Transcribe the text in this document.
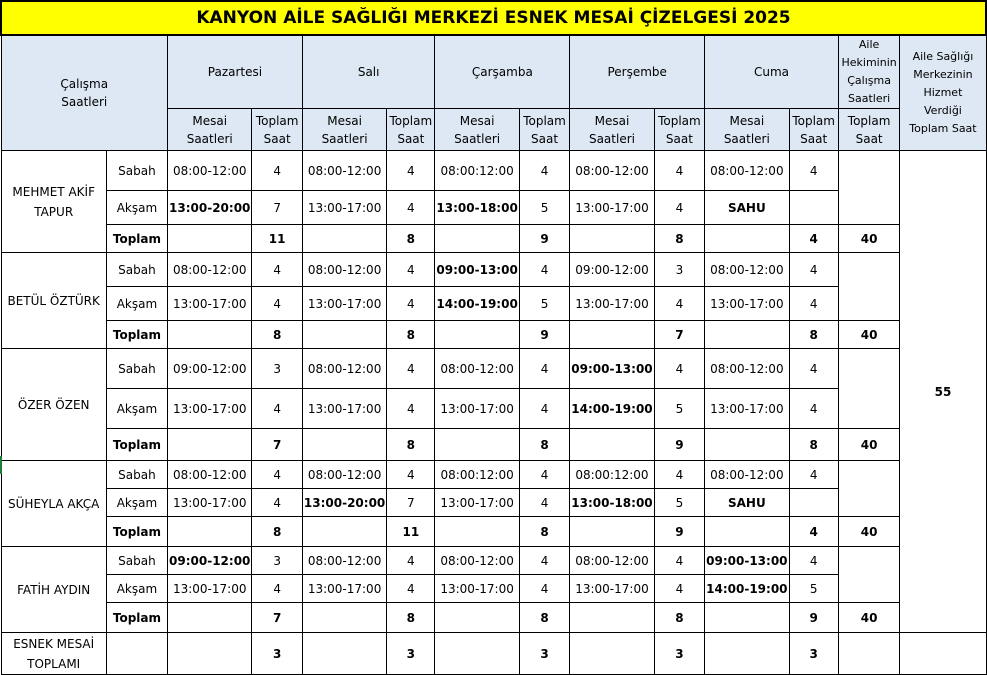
KANYON AİLE SAĞLIĞI MERKEZİ ESNEK MESAİ ÇİZELGESİ 2025													
Çalışma Saatleri		Pazartesi		Salı		Çarşamba		Perşembe		Cuma		Aile Hekiminin Çalışma Saatleri	Aile Sağlığı Merkezinin Hizmet Verdiği Toplam Saat
		Mesai Saatleri	Toplam Saat	Mesai Saatleri	Toplam Saat	Mesai Saatleri	Toplam Saat	Mesai Saatleri	Toplam Saat	Mesai Saatleri	Toplam Saat	Toplam Saat	
MEHMET AKİF TAPUR	Sabah	08:00-12:00	4	08:00-12:00	4	08:00:12:00	4	08:00-12:00	4	08:00-12:00	4		55
	Akşam	13:00-20:00	7	13:00-17:00	4	13:00-18:00	5	13:00-17:00	4	SAHU			
	Toplam		11		8		9		8		4	40	
BETÜL ÖZTÜRK	Sabah	08:00-12:00	4	08:00-12:00	4	09:00-13:00	4	09:00-12:00	3	08:00-12:00	4		
	Akşam	13:00-17:00	4	13:00-17:00	4	14:00-19:00	5	13:00-17:00	4	13:00-17:00	4		
	Toplam		8		8		9		7		8	40	
ÖZER ÖZEN	Sabah	09:00-12:00	3	08:00-12:00	4	08:00-12:00	4	09:00-13:00	4	08:00-12:00	4		
	Akşam	13:00-17:00	4	13:00-17:00	4	13:00-17:00	4	14:00-19:00	5	13:00-17:00	4		
	Toplam		7		8		8		9		8	40	
SÜHEYLA AKÇA	Sabah	08:00-12:00	4	08:00-12:00	4	08:00:12:00	4	08:00:12:00	4	08:00-12:00	4		
	Akşam	13:00-17:00	4	13:00-20:00	7	13:00-17:00	4	13:00-18:00	5	SAHU			
	Toplam		8		11		8		9		4	40	
FATİH AYDIN	Sabah	09:00-12:00	3	08:00-12:00	4	08:00-12:00	4	08:00-12:00	4	09:00-13:00	4		
	Akşam	13:00-17:00	4	13:00-17:00	4	13:00-17:00	4	13:00-17:00	4	14:00-19:00	5		
	Toplam		7		8		8		8		9	40	
ESNEK MESAİ TOPLAMI			3		3		3		3		3		
